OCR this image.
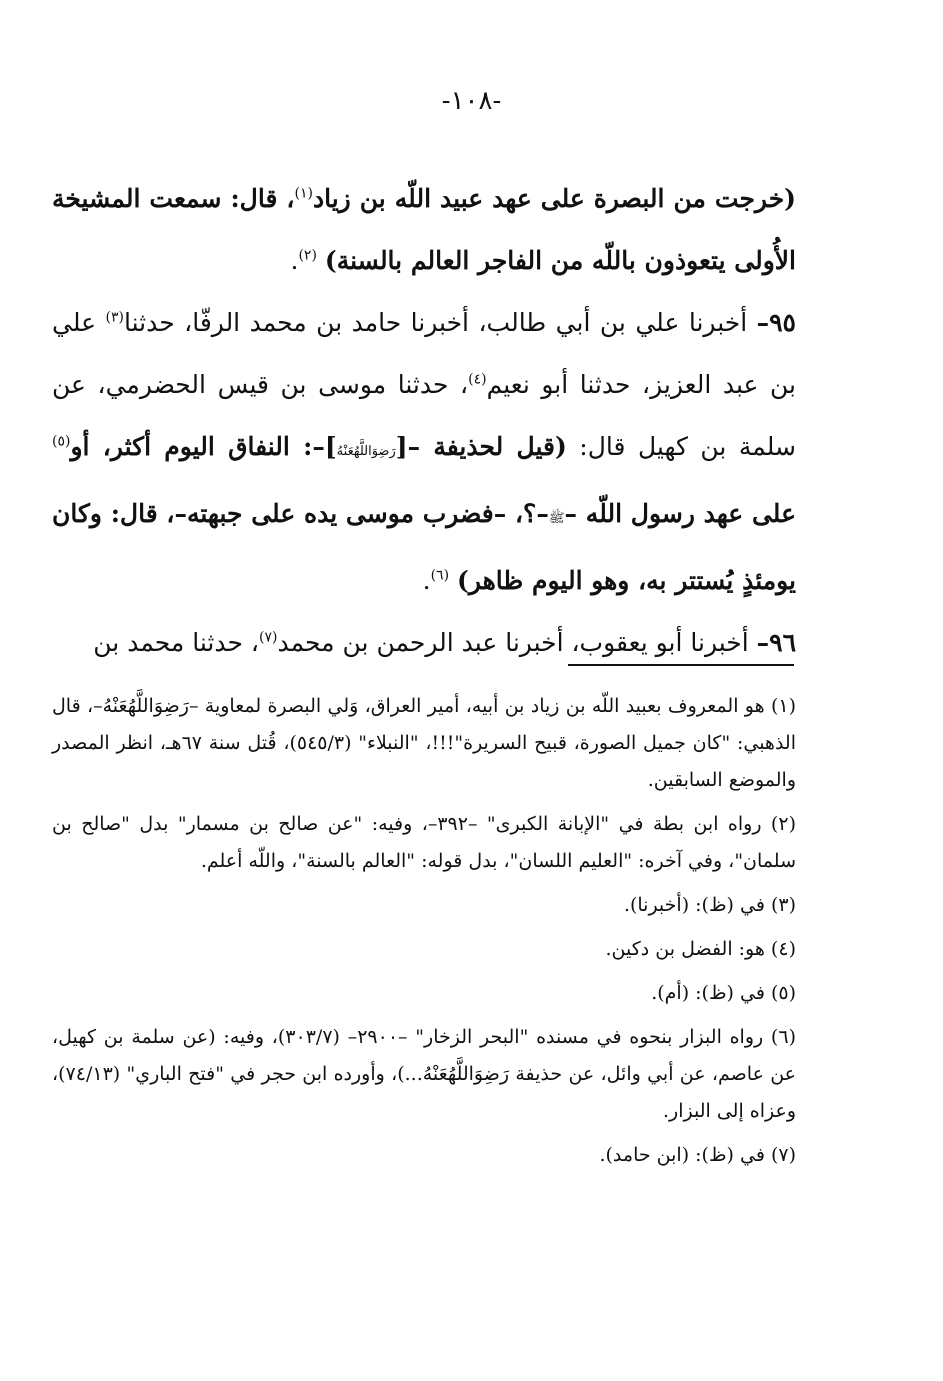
-١٠٨-

(خرجت من البصرة على عهد عبيد اللّه بن زياد$^{(١)}$، قال: سمعت المشيخة الأُولى يتعوذون باللّه من الفاجر العالم بالسنة) $^{(٢)}$.

٩٥– أخبرنا علي بن أبي طالب، أخبرنا حامد بن محمد الرفّا، حدثنا$^{(٣)}$ علي بن عبد العزيز، حدثنا أبو نعيم$^{(٤)}$، حدثنا موسى بن قيس الحضرمي، عن سلمة بن كهيل قال: (قيل لحذيفة –[رَضِوَاللَّهُعَنْهُ]–: النفاق اليوم أكثر، أو$^{(٥)}$ على عهد رسول اللّه –ﷺ–؟، –فضرب موسى يده على جبهته–، قال: وكان يومئذٍ يُستتر به، وهو اليوم ظاهر) $^{(٦)}$.

٩٦– أخبرنا أبو يعقوب، أخبرنا عبد الرحمن بن محمد$^{(٧)}$، حدثنا محمد بن

(١) هو المعروف بعبيد اللّه بن زياد بن أبيه، أمير العراق، وَلي البصرة لمعاوية –رَضِوَاللَّهُعَنْهُ–، قال الذهبي: "كان جميل الصورة، قبيح السريرة"!!!، "النبلاء" (٥٤٥/٣)، قُتل سنة ٦٧هـ، انظر المصدر والموضع السابقين.

(٢) رواه ابن بطة في "الإبانة الكبرى" –٣٩٢–، وفيه: "عن صالح بن مسمار" بدل "صالح بن سلمان"، وفي آخره: "العليم اللسان"، بدل قوله: "العالم بالسنة"، واللّه أعلم.

(٣) في (ظ): (أخبرنا).

(٤) هو: الفضل بن دكين.

(٥) في (ظ): (أم).

(٦) رواه البزار بنحوه في مسنده "البحر الزخار" –٢٩٠٠– (٣٠٣/٧)، وفيه: (عن سلمة بن كهيل، عن عاصم، عن أبي وائل، عن حذيفة رَضِوَاللَّهُعَنْهُ...)، وأورده ابن حجر في "فتح الباري" (٧٤/١٣)، وعزاه إلى البزار.

(٧) في (ظ): (ابن حامد).
